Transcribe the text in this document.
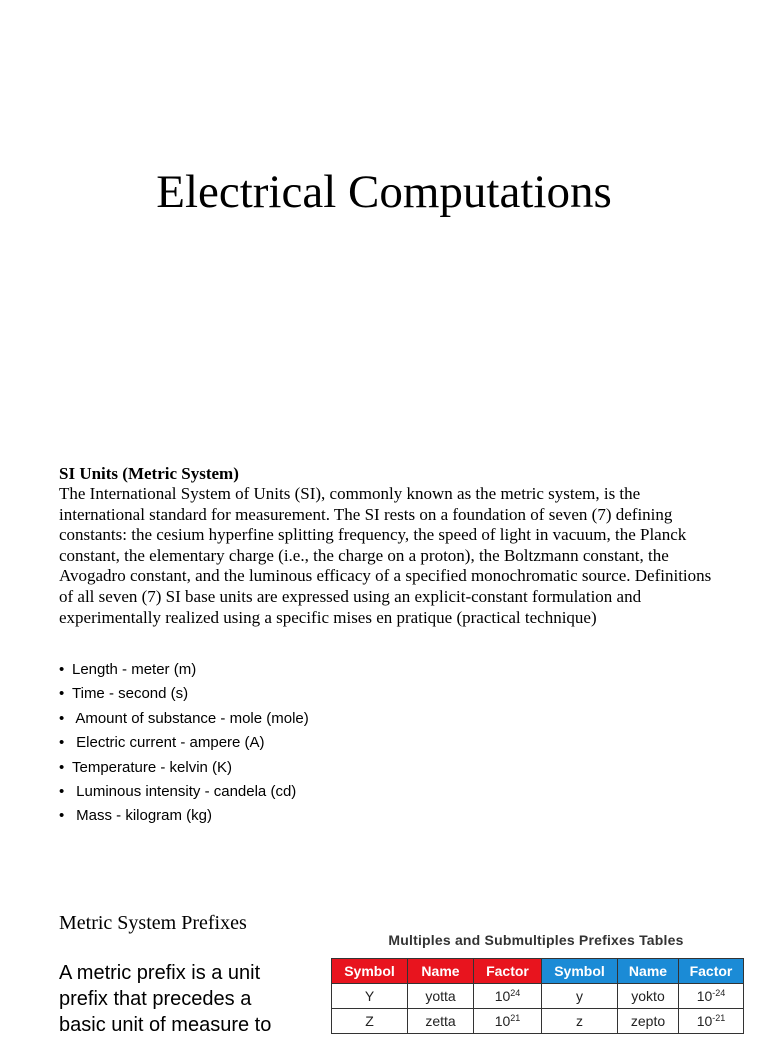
Electrical Computations

SI Units (Metric System)

The International System of Units (SI), commonly known as the metric system, is the international standard for measurement. The SI rests on a foundation of seven (7) defining constants: the cesium hyperfine splitting frequency, the speed of light in vacuum, the Planck constant, the elementary charge (i.e., the charge on a proton), the Boltzmann constant, the Avogadro constant, and the luminous efficacy of a specified monochromatic source. Definitions of all seven (7) SI base units are expressed using an explicit-constant formulation and experimentally realized using a specific mises en pratique (practical technique)

• Length - meter (m)
• Time - second (s)
• Amount of substance - mole (mole)
• Electric current - ampere (A)
• Temperature - kelvin (K)
• Luminous intensity - candela (cd)
• Mass - kilogram (kg)
Metric System Prefixes

A metric prefix is a unit prefix that precedes a basic unit of measure to

Multiples and Submultiples Prefixes Tables
Symbol	Name	Factor	Symbol	Name	Factor
Y	yotta	$10^{24}$	y	yokto	$10^{-24}$
Z	zetta	$10^{21}$	z	zepto	$10^{-21}$
